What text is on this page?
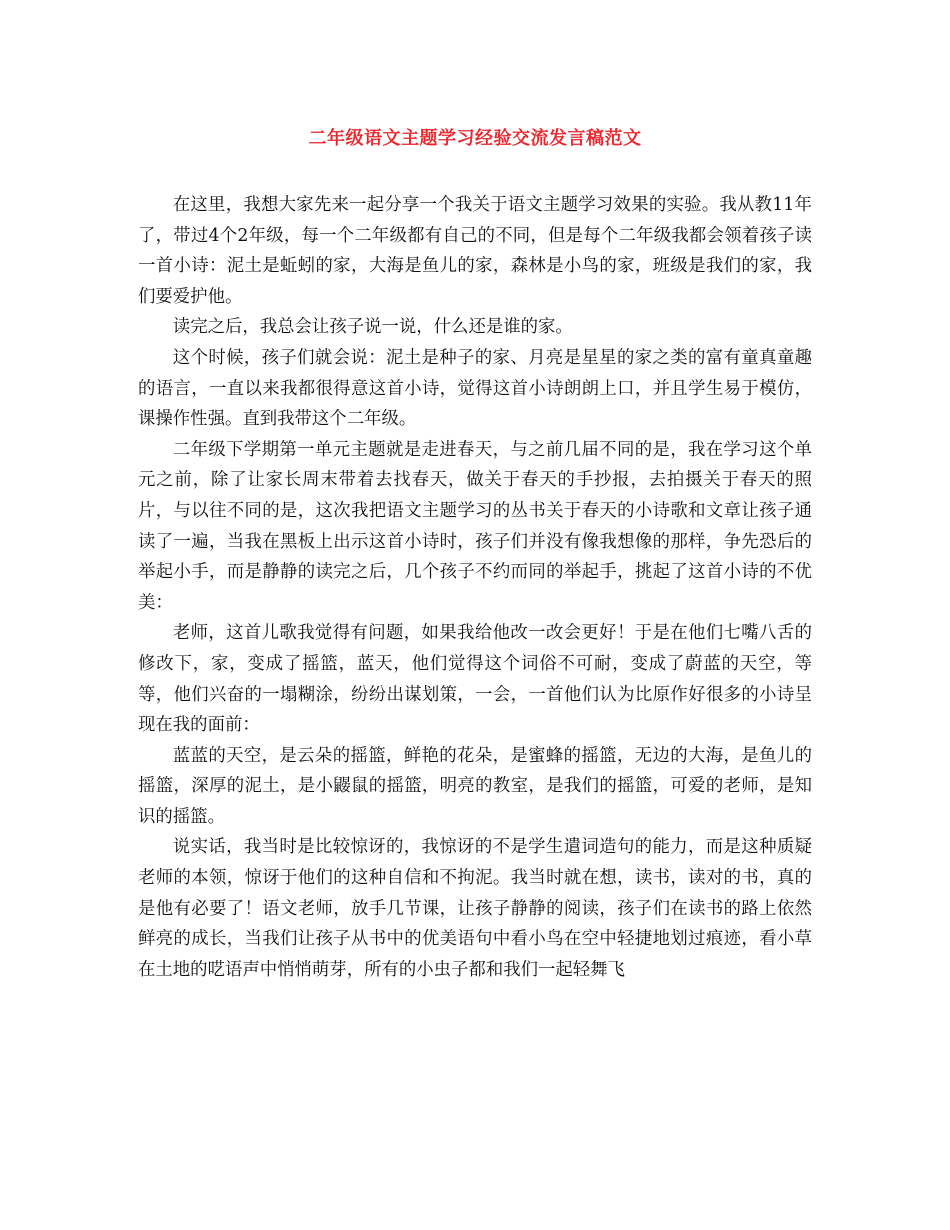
二年级语文主题学习经验交流发言稿范文

在这里，我想大家先来一起分享一个我关于语文主题学习效果的实验。我从教11年了，带过4个2年级，每一个二年级都有自己的不同，但是每个二年级我都会领着孩子读一首小诗：泥土是蚯蚓的家，大海是鱼儿的家，森林是小鸟的家，班级是我们的家，我们要爱护他。

读完之后，我总会让孩子说一说，什么还是谁的家。

这个时候，孩子们就会说：泥土是种子的家、月亮是星星的家之类的富有童真童趣的语言，一直以来我都很得意这首小诗，觉得这首小诗朗朗上口，并且学生易于模仿，课操作性强。直到我带这个二年级。

二年级下学期第一单元主题就是走进春天，与之前几届不同的是，我在学习这个单元之前，除了让家长周末带着去找春天，做关于春天的手抄报，去拍摄关于春天的照片，与以往不同的是，这次我把语文主题学习的丛书关于春天的小诗歌和文章让孩子通读了一遍，当我在黑板上出示这首小诗时，孩子们并没有像我想像的那样，争先恐后的举起小手，而是静静的读完之后，几个孩子不约而同的举起手，挑起了这首小诗的不优美：

老师，这首儿歌我觉得有问题，如果我给他改一改会更好！于是在他们七嘴八舌的修改下，家，变成了摇篮，蓝天，他们觉得这个词俗不可耐，变成了蔚蓝的天空，等等，他们兴奋的一塌糊涂，纷纷出谋划策，一会，一首他们认为比原作好很多的小诗呈现在我的面前：

蓝蓝的天空，是云朵的摇篮，鲜艳的花朵，是蜜蜂的摇篮，无边的大海，是鱼儿的摇篮，深厚的泥土，是小鼹鼠的摇篮，明亮的教室，是我们的摇篮，可爱的老师，是知识的摇篮。

说实话，我当时是比较惊讶的，我惊讶的不是学生遣词造句的能力，而是这种质疑老师的本领，惊讶于他们的这种自信和不拘泥。我当时就在想，读书，读对的书，真的是他有必要了！语文老师，放手几节课，让孩子静静的阅读，孩子们在读书的路上依然鲜亮的成长，当我们让孩子从书中的优美语句中看小鸟在空中轻捷地划过痕迹，看小草在土地的呓语声中悄悄萌芽，所有的小虫子都和我们一起轻舞飞
